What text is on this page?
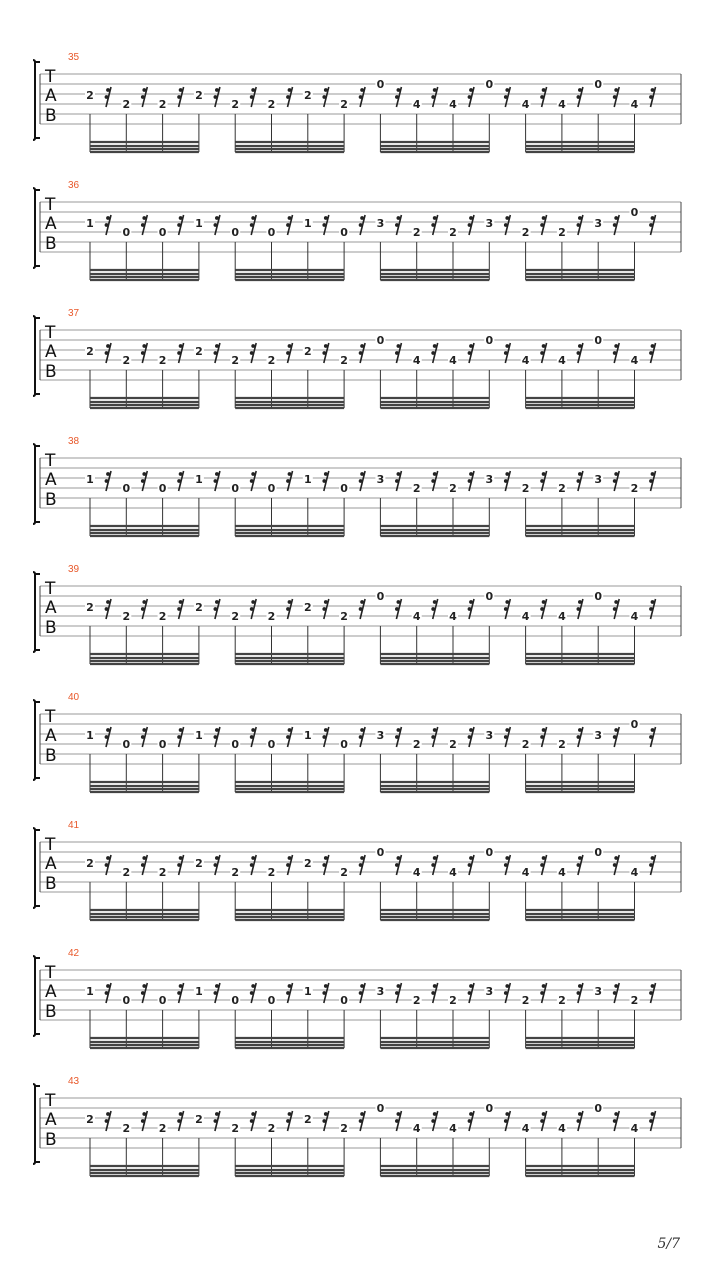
35
T
A
B
2
2	2
2
2	2
2
2
0
4	4
0
4	4
0
4
36
T
A
B
1
0	0
1
0	0
1
0
3
2	2
3
2	2
3
0
37
T
A
B
2
2	2
2
2	2
2
2
0
4	4
0
4	4
0
4
38
T
A
B
1
0	0
1
0	0
1
0
3
2	2
3
2	2
3
2
39
T
A
B
2
2	2
2
2	2
2
2
0
4	4
0
4	4
0
4
40
T
A
B
1
0	0
1
0	0
1
0
3
2	2
3
2	2
3
0
41
T
A
B
2
2	2
2
2	2
2
2
0
4	4
0
4	4
0
4
42
T
A
B
1
0	0
1
0	0
1
0
3
2	2
3
2	2
3
2
43
T
A
B
2
2	2
2
2	2
2
2
0
4	4
0
4	4
0
4
5/7
